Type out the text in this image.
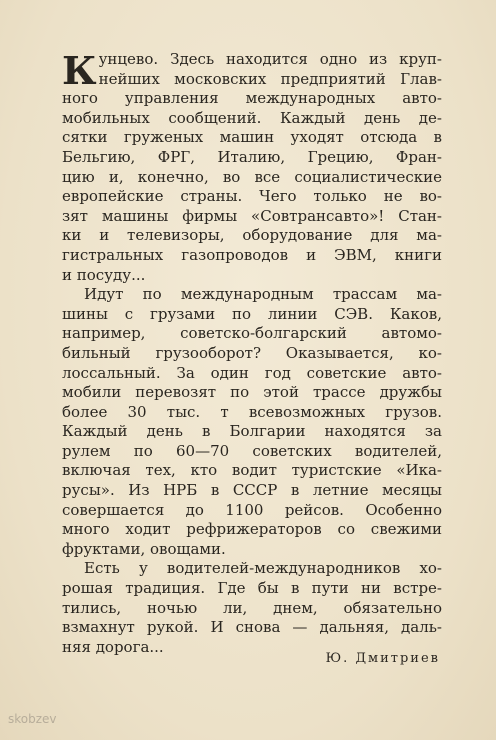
К унцево. Здесь находится одно из круп-
нейших московских предприятий Глав-
ного управления международных авто-
мобильных сообщений. Каждый день де-
сятки груженых машин уходят отсюда в
Бельгию, ФРГ, Италию, Грецию, Фран-
цию и, конечно, во все социалистические
европейские страны. Чего только не во-
зят машины фирмы «Совтрансавто»! Стан-
ки и телевизоры, оборудование для ма-
гистральных газопроводов и ЭВМ, книги
и посуду...
Идут по международным трассам ма-
шины с грузами по линии СЭВ. Каков,
например, советско-болгарский автомо-
бильный грузооборот? Оказывается, ко-
лоссальный. За один год советские авто-
мобили перевозят по этой трассе дружбы
более 30 тыс. т всевозможных грузов.
Каждый день в Болгарии находятся за
рулем по 60—70 советских водителей,
включая тех, кто водит туристские «Ика-
русы». Из НРБ в СССР в летние месяцы
совершается до 1100 рейсов. Особенно
много ходит рефрижераторов со свежими
фруктами, овощами.
Есть у водителей-международников хо-
рошая традиция. Где бы в пути ни встре-
тились, ночью ли, днем, обязательно
взмахнут рукой. И снова — дальняя, даль-
няя дорога...
Ю. Дмитриев
skobzev
